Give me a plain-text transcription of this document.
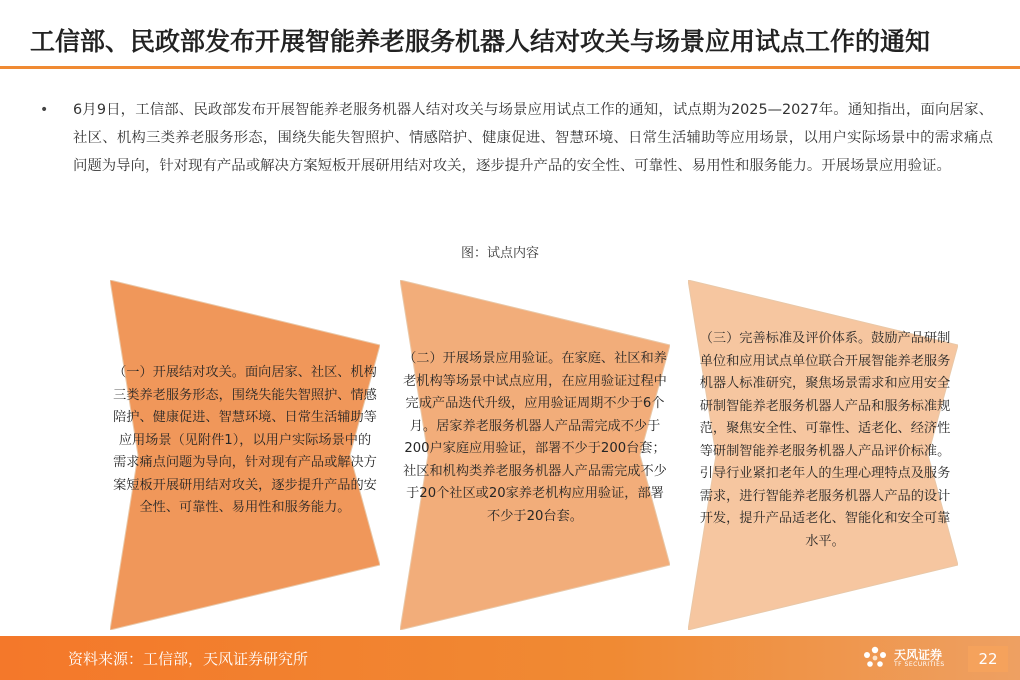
工信部、民政部发布开展智能养老服务机器人结对攻关与场景应用试点工作的通知
• 6月9日，工信部、民政部发布开展智能养老服务机器人结对攻关与场景应用试点工作的通知，试点期为2025—2027年。通知指出，面向居家、社区、机构三类养老服务形态，围绕失能失智照护、情感陪护、健康促进、智慧环境、日常生活辅助等应用场景，以用户实际场景中的需求痛点问题为导向，针对现有产品或解决方案短板开展研用结对攻关，逐步提升产品的安全性、可靠性、易用性和服务能力。开展场景应用验证。
图：试点内容
（一）开展结对攻关。面向居家、社区、机构三类养老服务形态，围绕失能失智照护、情感陪护、健康促进、智慧环境、日常生活辅助等应用场景（见附件1），以用户实际场景中的需求痛点问题为导向，针对现有产品或解决方案短板开展研用结对攻关，逐步提升产品的安全性、可靠性、易用性和服务能力。
（二）开展场景应用验证。在家庭、社区和养老机构等场景中试点应用，在应用验证过程中完成产品迭代升级，应用验证周期不少于6个月。居家养老服务机器人产品需完成不少于200户家庭应用验证，部署不少于200台套；社区和机构类养老服务机器人产品需完成不少于20个社区或20家养老机构应用验证，部署不少于20台套。
（三）完善标准及评价体系。鼓励产品研制单位和应用试点单位联合开展智能养老服务机器人标准研究，聚焦场景需求和应用安全研制智能养老服务机器人产品和服务标准规范，聚焦安全性、可靠性、适老化、经济性等研制智能养老服务机器人产品评价标准。引导行业紧扣老年人的生理心理特点及服务需求，进行智能养老服务机器人产品的设计开发，提升产品适老化、智能化和安全可靠水平。
资料来源：工信部，天风证券研究所	天风证券
TF SECURITIES	22
